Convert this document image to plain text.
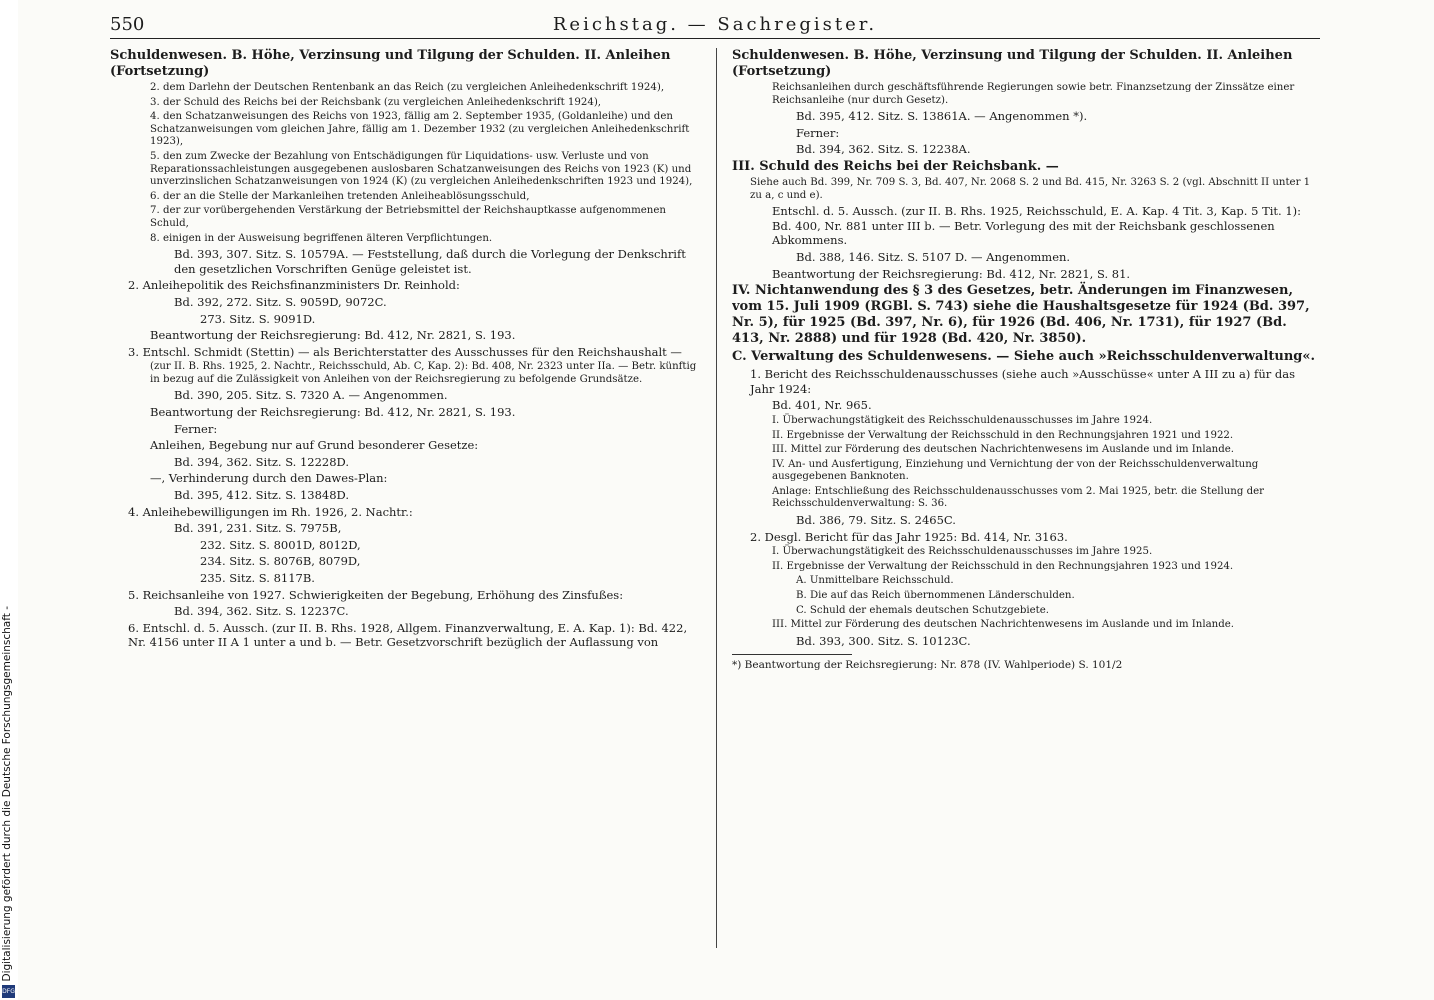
Digitalisierung gefördert durch die Deutsche Forschungsgemeinschaft -
DFG
550	Reichstag. — Sachregister.

Schuldenwesen. B. Höhe, Verzinsung und Tilgung der Schulden. II. Anleihen (Fortsetzung)

2. dem Darlehn der Deutschen Rentenbank an das Reich (zu vergleichen Anleihedenkschrift 1924),

3. der Schuld des Reichs bei der Reichsbank (zu vergleichen Anleihedenkschrift 1924),

4. den Schatzanweisungen des Reichs von 1923, fällig am 2. September 1935, (Goldanleihe) und den Schatzanweisungen vom gleichen Jahre, fällig am 1. Dezember 1932 (zu vergleichen Anleihedenkschrift 1923),

5. den zum Zwecke der Bezahlung von Entschädigungen für Liquidations- usw. Verluste und von Reparationssachleistungen ausgegebenen auslosbaren Schatzanweisungen des Reichs von 1923 (K) und unverzinslichen Schatzanweisungen von 1924 (K) (zu vergleichen Anleihedenkschriften 1923 und 1924),

6. der an die Stelle der Markanleihen tretenden Anleiheablösungsschuld,

7. der zur vorübergehenden Verstärkung der Betriebsmittel der Reichshauptkasse aufgenommenen Schuld,

8. einigen in der Ausweisung begriffenen älteren Verpflichtungen.

Bd. 393, 307. Sitz. S. 10579A. — Feststellung, daß durch die Vorlegung der Denkschrift den gesetzlichen Vorschriften Genüge geleistet ist.

2. Anleihepolitik des Reichsfinanzministers Dr. Reinhold:

Bd. 392, 272. Sitz. S. 9059D, 9072C.

273. Sitz. S. 9091D.

Beantwortung der Reichsregierung: Bd. 412, Nr. 2821, S. 193.

3. Entschl. Schmidt (Stettin) — als Berichterstatter des Ausschusses für den Reichshaushalt —

(zur II. B. Rhs. 1925, 2. Nachtr., Reichsschuld, Ab. C, Kap. 2): Bd. 408, Nr. 2323 unter IIa. — Betr. künftig in bezug auf die Zulässigkeit von Anleihen von der Reichsregierung zu befolgende Grundsätze.

Bd. 390, 205. Sitz. S. 7320 A. — Angenommen.

Beantwortung der Reichsregierung: Bd. 412, Nr. 2821, S. 193.

Ferner:

Anleihen, Begebung nur auf Grund besonderer Gesetze:

Bd. 394, 362. Sitz. S. 12228D.

—, Verhinderung durch den Dawes-Plan:

Bd. 395, 412. Sitz. S. 13848D.

4. Anleihebewilligungen im Rh. 1926, 2. Nachtr.:

Bd. 391, 231. Sitz. S. 7975B,

232. Sitz. S. 8001D, 8012D,

234. Sitz. S. 8076B, 8079D,

235. Sitz. S. 8117B.

5. Reichsanleihe von 1927. Schwierigkeiten der Begebung, Erhöhung des Zinsfußes:

Bd. 394, 362. Sitz. S. 12237C.

6. Entschl. d. 5. Aussch. (zur II. B. Rhs. 1928, Allgem. Finanzverwaltung, E. A. Kap. 1): Bd. 422, Nr. 4156 unter II A 1 unter a und b. — Betr. Gesetzvorschrift bezüglich der Auflassung von

Schuldenwesen. B. Höhe, Verzinsung und Tilgung der Schulden. II. Anleihen (Fortsetzung)

Reichsanleihen durch geschäftsführende Regierungen sowie betr. Finanzsetzung der Zinssätze einer Reichsanleihe (nur durch Gesetz).

Bd. 395, 412. Sitz. S. 13861A. — Angenommen *).

Ferner:

Bd. 394, 362. Sitz. S. 12238A.

III. Schuld des Reichs bei der Reichsbank. —

Siehe auch Bd. 399, Nr. 709 S. 3, Bd. 407, Nr. 2068 S. 2 und Bd. 415, Nr. 3263 S. 2 (vgl. Abschnitt II unter 1 zu a, c und e).

Entschl. d. 5. Aussch. (zur II. B. Rhs. 1925, Reichsschuld, E. A. Kap. 4 Tit. 3, Kap. 5 Tit. 1): Bd. 400, Nr. 881 unter III b. — Betr. Vorlegung des mit der Reichsbank geschlossenen Abkommens.

Bd. 388, 146. Sitz. S. 5107 D. — Angenommen.

Beantwortung der Reichsregierung: Bd. 412, Nr. 2821, S. 81.

IV. Nichtanwendung des § 3 des Gesetzes, betr. Änderungen im Finanzwesen, vom 15. Juli 1909 (RGBl. S. 743) siehe die Haushaltsgesetze für 1924 (Bd. 397, Nr. 5), für 1925 (Bd. 397, Nr. 6), für 1926 (Bd. 406, Nr. 1731), für 1927 (Bd. 413, Nr. 2888) und für 1928 (Bd. 420, Nr. 3850).

C. Verwaltung des Schuldenwesens. — Siehe auch »Reichsschuldenverwaltung«.

1. Bericht des Reichsschuldenausschusses (siehe auch »Ausschüsse« unter A III zu a) für das Jahr 1924:

Bd. 401, Nr. 965.

I. Überwachungstätigkeit des Reichsschuldenausschusses im Jahre 1924.

II. Ergebnisse der Verwaltung der Reichsschuld in den Rechnungsjahren 1921 und 1922.

III. Mittel zur Förderung des deutschen Nachrichtenwesens im Auslande und im Inlande.

IV. An- und Ausfertigung, Einziehung und Vernichtung der von der Reichsschuldenverwaltung ausgegebenen Banknoten.

Anlage: Entschließung des Reichsschuldenausschusses vom 2. Mai 1925, betr. die Stellung der Reichsschuldenverwaltung: S. 36.

Bd. 386, 79. Sitz. S. 2465C.

2. Desgl. Bericht für das Jahr 1925: Bd. 414, Nr. 3163.

I. Überwachungstätigkeit des Reichsschuldenausschusses im Jahre 1925.

II. Ergebnisse der Verwaltung der Reichsschuld in den Rechnungsjahren 1923 und 1924.

A. Unmittelbare Reichsschuld.

B. Die auf das Reich übernommenen Länderschulden.

C. Schuld der ehemals deutschen Schutzgebiete.

III. Mittel zur Förderung des deutschen Nachrichtenwesens im Auslande und im Inlande.

Bd. 393, 300. Sitz. S. 10123C.

*) Beantwortung der Reichsregierung: Nr. 878 (IV. Wahlperiode) S. 101/2
